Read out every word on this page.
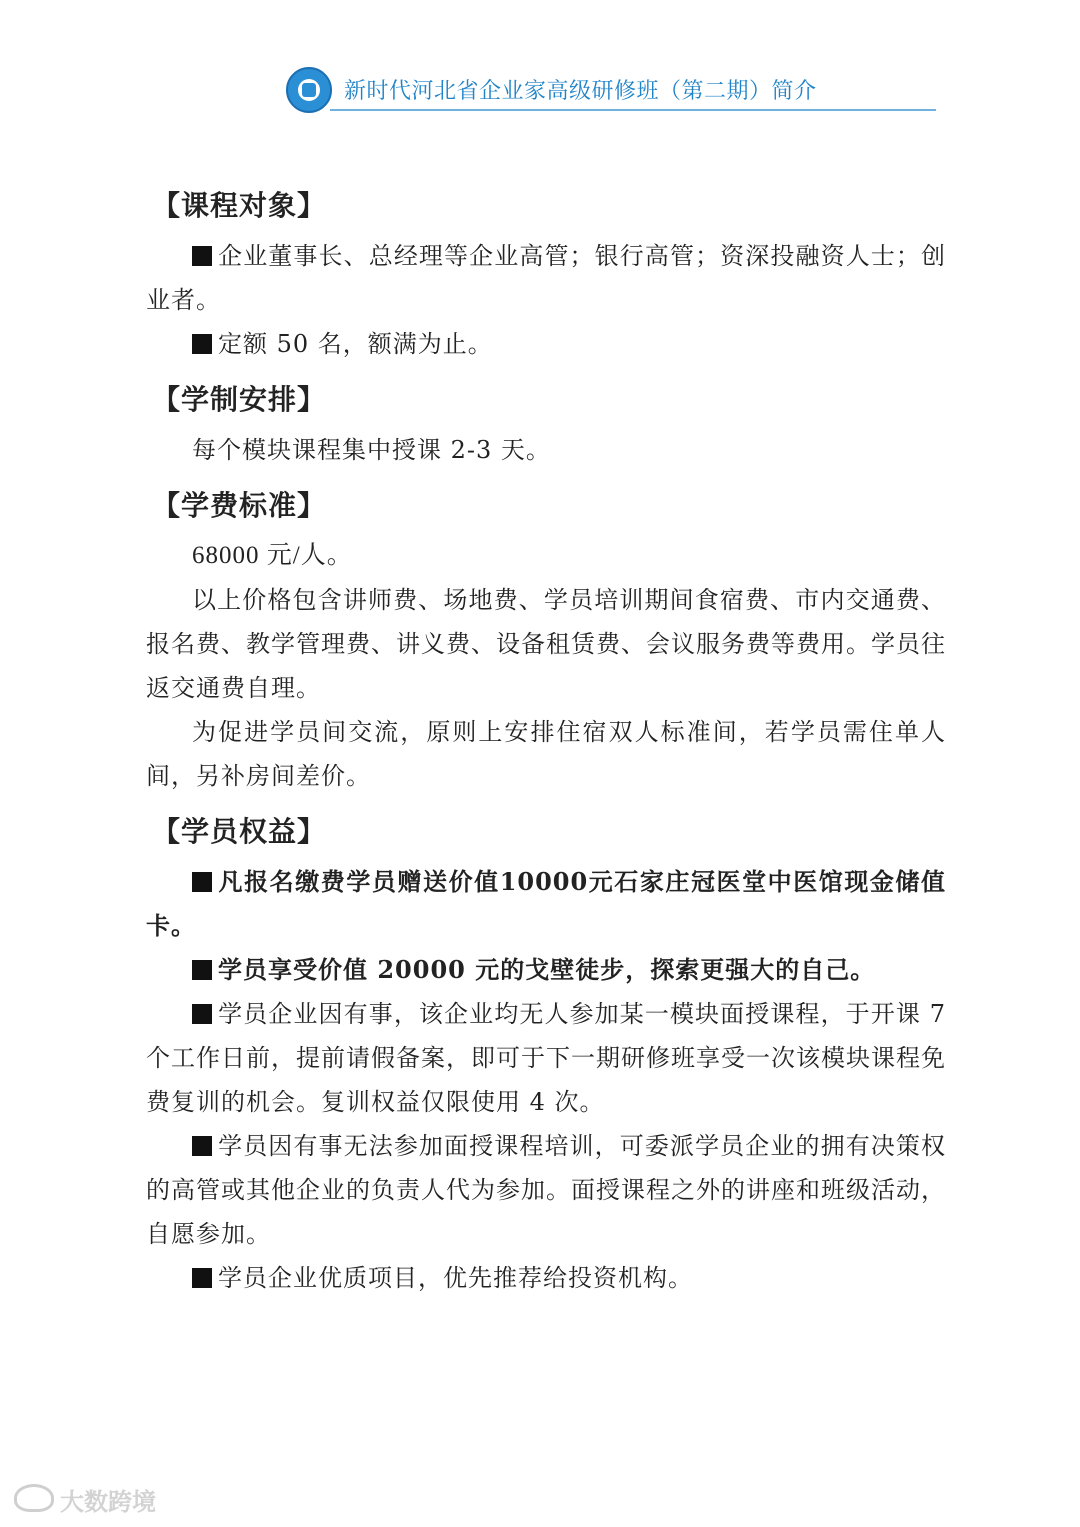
新时代河北省企业家高级研修班（第二期）简介
【课程对象】
企业董事长、总经理等企业高管；银行高管；资深投融资人士；创业者。
定额 50 名，额满为止。
【学制安排】
每个模块课程集中授课 2-3 天。
【学费标准】
68000 元/人。
以上价格包含讲师费、场地费、学员培训期间食宿费、市内交通费、报名费、教学管理费、讲义费、设备租赁费、会议服务费等费用。学员往返交通费自理。
为促进学员间交流，原则上安排住宿双人标准间，若学员需住单人间，另补房间差价。
【学员权益】
凡报名缴费学员赠送价值10000元石家庄冠医堂中医馆现金储值卡。
学员享受价值 20000 元的戈壁徒步，探索更强大的自己。
学员企业因有事，该企业均无人参加某一模块面授课程，于开课 7 个工作日前，提前请假备案，即可于下一期研修班享受一次该模块课程免费复训的机会。复训权益仅限使用 4 次。
学员因有事无法参加面授课程培训，可委派学员企业的拥有决策权的高管或其他企业的负责人代为参加。面授课程之外的讲座和班级活动，自愿参加。
学员企业优质项目，优先推荐给投资机构。
大数跨境
